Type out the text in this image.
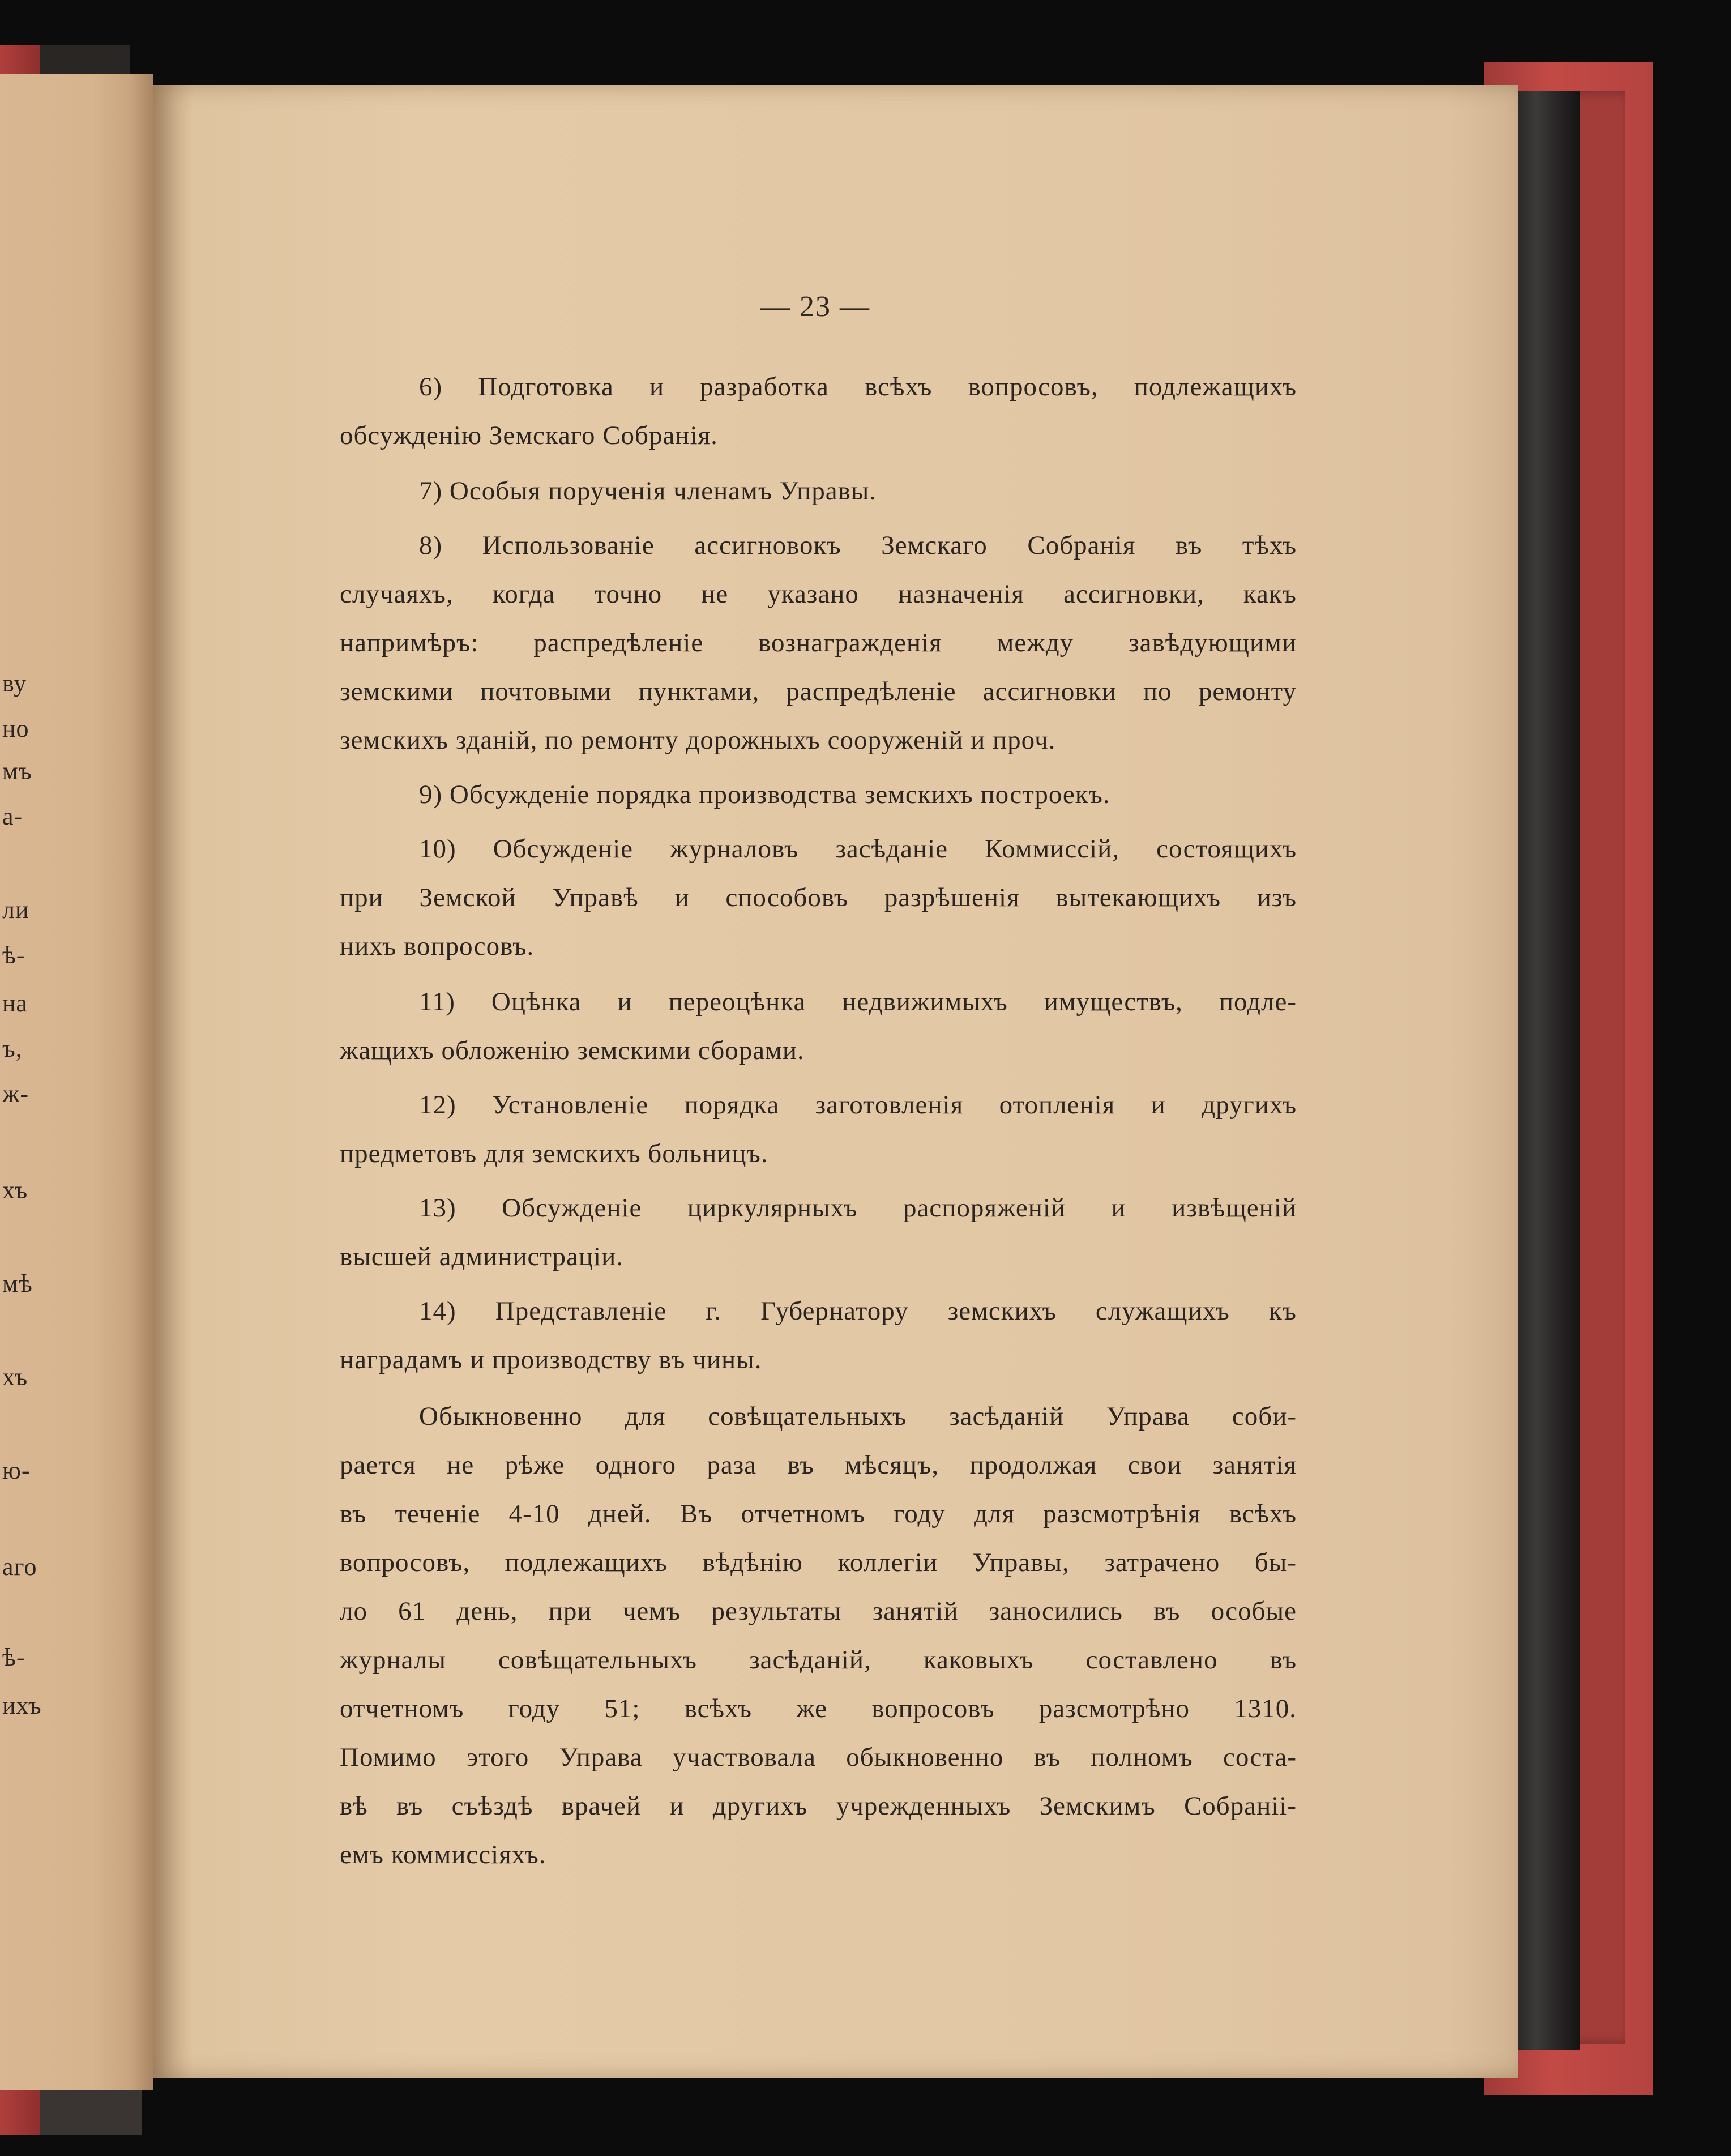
ву
но
мъ
а-
ли
ѣ-
на
ъ,
ж-
хъ
мѣ
хъ
ю-
аго
ѣ-
ихъ
— 23 —
6) Подготовка и разработка всѣхъ вопросовъ, подлежащихъ
обсужденію Земскаго Собранія.
7) Особыя порученія членамъ Управы.
8) Использованіе ассигновокъ Земскаго Собранія въ тѣхъ
случаяхъ, когда точно не указано назначенія ассигновки, какъ
напримѣръ: распредѣленіе вознагражденія между завѣдующими
земскими почтовыми пунктами, распредѣленіе ассигновки по ремонту
земскихъ зданій, по ремонту дорожныхъ сооруженій и проч.
9) Обсужденіе порядка производства земскихъ построекъ.
10) Обсужденіе журналовъ засѣданіе Коммиссій, состоящихъ
при Земской Управѣ и способовъ разрѣшенія вытекающихъ изъ
нихъ вопросовъ.
11) Оцѣнка и переоцѣнка недвижимыхъ имуществъ, подле-
жащихъ обложенію земскими сборами.
12) Установленіе порядка заготовленія отопленія и другихъ
предметовъ для земскихъ больницъ.
13) Обсужденіе циркулярныхъ распоряженій и извѣщеній
высшей администраціи.
14) Представленіе г. Губернатору земскихъ служащихъ къ
наградамъ и производству въ чины.
Обыкновенно для совѣщательныхъ засѣданій Управа соби-
рается не рѣже одного раза въ мѣсяцъ, продолжая свои занятія
въ теченіе 4-10 дней. Въ отчетномъ году для разсмотрѣнія всѣхъ
вопросовъ, подлежащихъ вѣдѣнію коллегіи Управы, затрачено бы-
ло 61 день, при чемъ результаты занятій заносились въ особые
журналы совѣщательныхъ засѣданій, каковыхъ составлено въ
отчетномъ году 51; всѣхъ же вопросовъ разсмотрѣно 1310.
Помимо этого Управа участвовала обыкновенно въ полномъ соста-
вѣ въ съѣздѣ врачей и другихъ учрежденныхъ Земскимъ Собраніі-
емъ коммиссіяхъ.
